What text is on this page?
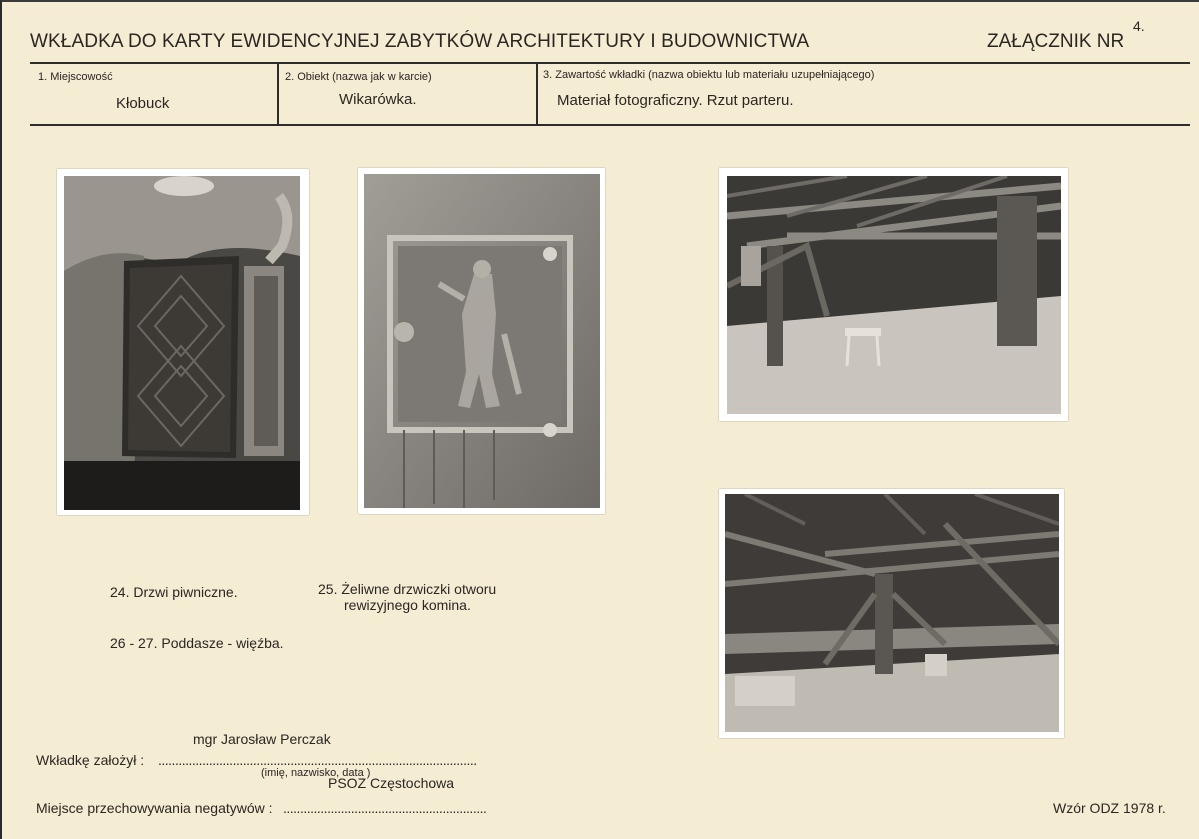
WKŁADKA DO KARTY EWIDENCYJNEJ ZABYTKÓW ARCHITEKTURY I BUDOWNICTWA	ZAŁĄCZNIK NR
4.
1. Miejscowość
Kłobuck
2. Obiekt (nazwa jak w karcie)
Wikarówka.
3. Zawartość wkładki (nazwa obiektu lub materiału uzupełniającego)
Materiał fotograficzny. Rzut parteru.
24. Drzwi piwniczne.	25. Żeliwne drzwiczki otworu
rewizyjnego komina.
26 - 27. Poddasze - więźba.
mgr Jarosław Perczak
Wkładkę założył : ..............................................................................................
(imię, nazwisko, data )
PSOZ Częstochowa
Miejsce przechowywania negatywów : ............................................................	Wzór ODZ 1978 r.
